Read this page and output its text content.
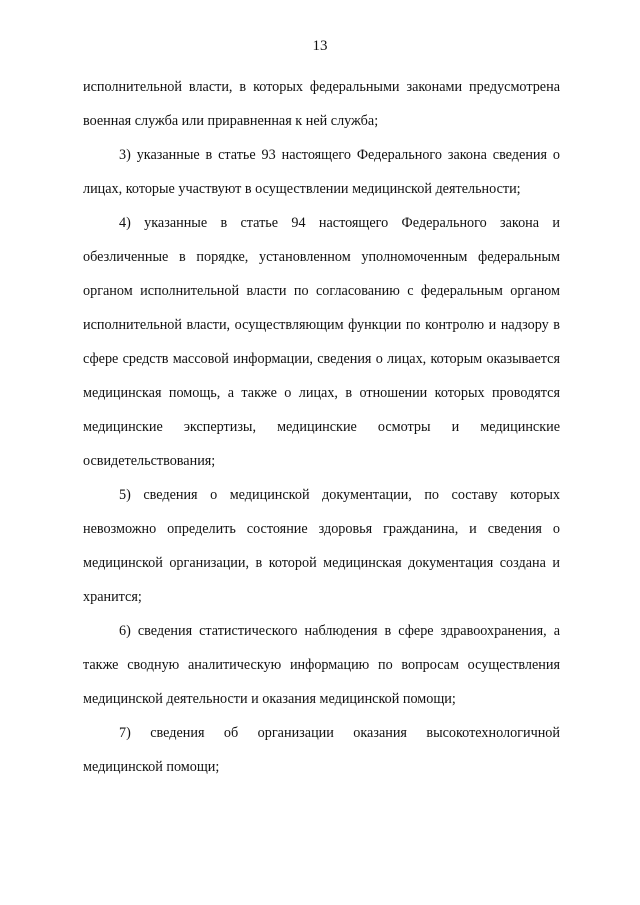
13

исполнительной власти, в которых федеральными законами предусмотрена военная служба или приравненная к ней служба;

3) указанные в статье 93 настоящего Федерального закона сведения о лицах, которые участвуют в осуществлении медицинской деятельности;

4) указанные в статье 94 настоящего Федерального закона и обезличенные в порядке, установленном уполномоченным федеральным органом исполнительной власти по согласованию с федеральным органом исполнительной власти, осуществляющим функции по контролю и надзору в сфере средств массовой информации, сведения о лицах, которым оказывается медицинская помощь, а также о лицах, в отношении которых проводятся медицинские экспертизы, медицинские осмотры и медицинские освидетельствования;

5) сведения о медицинской документации, по составу которых невозможно определить состояние здоровья гражданина, и сведения о медицинской организации, в которой медицинская документация создана и хранится;

6) сведения статистического наблюдения в сфере здравоохранения, а также сводную аналитическую информацию по вопросам осуществления медицинской деятельности и оказания медицинской помощи;

7) сведения об организации оказания высокотехнологичной медицинской помощи;
